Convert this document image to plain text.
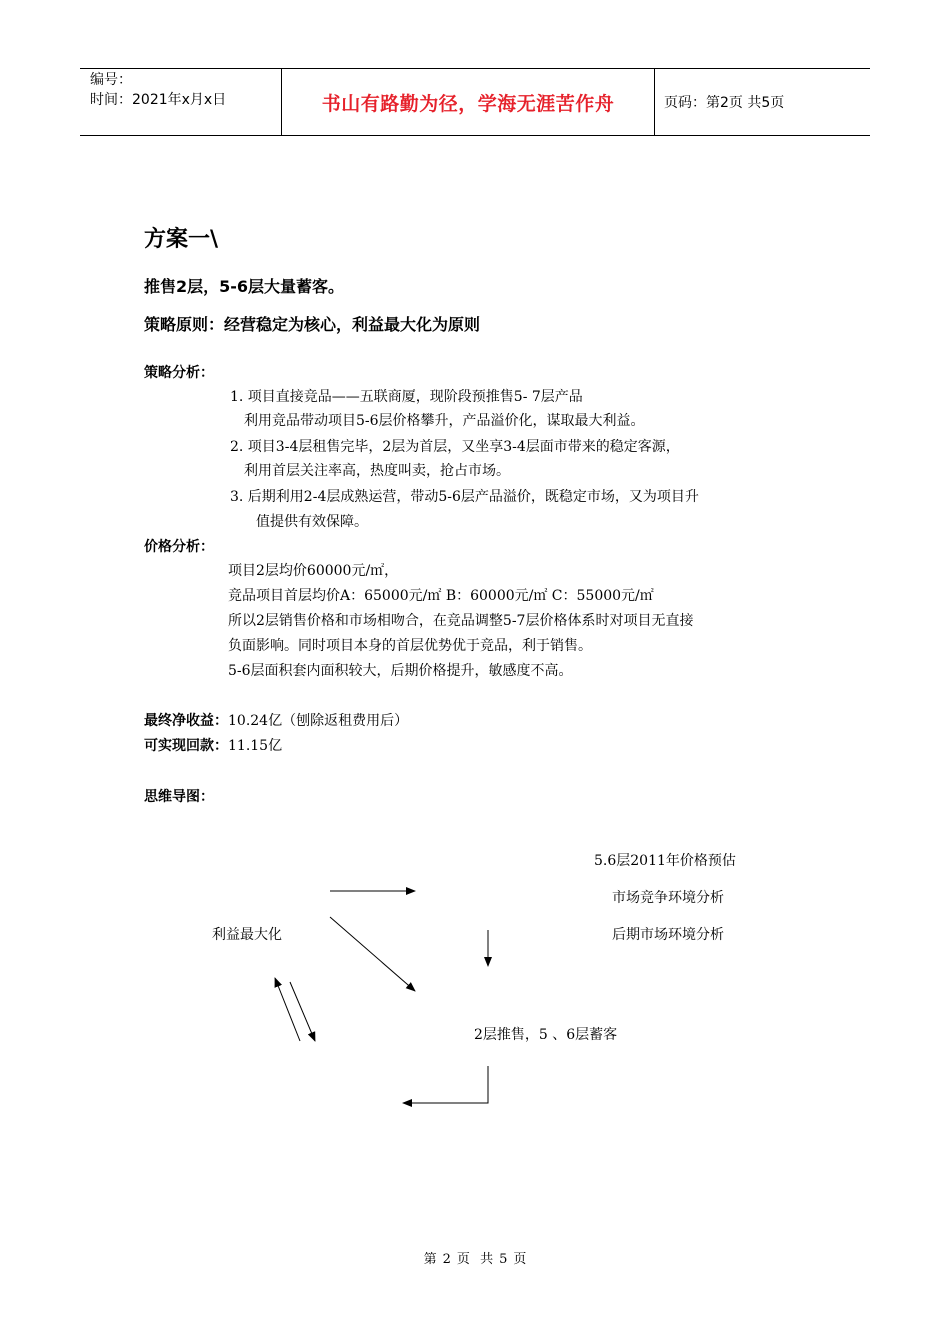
编号：
时间：2021年x月x日	书山有路勤为径，学海无涯苦作舟	页码：第2页 共5页
方案一\
推售2层，5-6层大量蓄客。
策略原则：经营稳定为核心，利益最大化为原则
策略分析：
1. 项目直接竞品——五联商厦，现阶段预推售5- 7层产品
利用竞品带动项目5-6层价格攀升，产品溢价化，谋取最大利益。
2. 项目3-4层租售完毕，2层为首层，又坐享3-4层面市带来的稳定客源，
利用首层关注率高，热度叫卖，抢占市场。
3. 后期利用2-4层成熟运营，带动5-6层产品溢价，既稳定市场，又为项目升
值提供有效保障。
价格分析：
项目2层均价60000元/㎡，
竞品项目首层均价A：65000元/㎡ B：60000元/㎡ C：55000元/㎡
所以2层销售价格和市场相吻合，在竞品调整5-7层价格体系时对项目无直接
负面影响。同时项目本身的首层优势优于竞品，利于销售。
5-6层面积套内面积较大，后期价格提升，敏感度不高。
最终净收益：10.24亿（刨除返租费用后）
可实现回款：11.15亿
思维导图：
利益最大化
5.6层2011年价格预估
市场竞争环境分析
后期市场环境分析
2层推售，5 、6层蓄客
第 2 页 共 5 页
